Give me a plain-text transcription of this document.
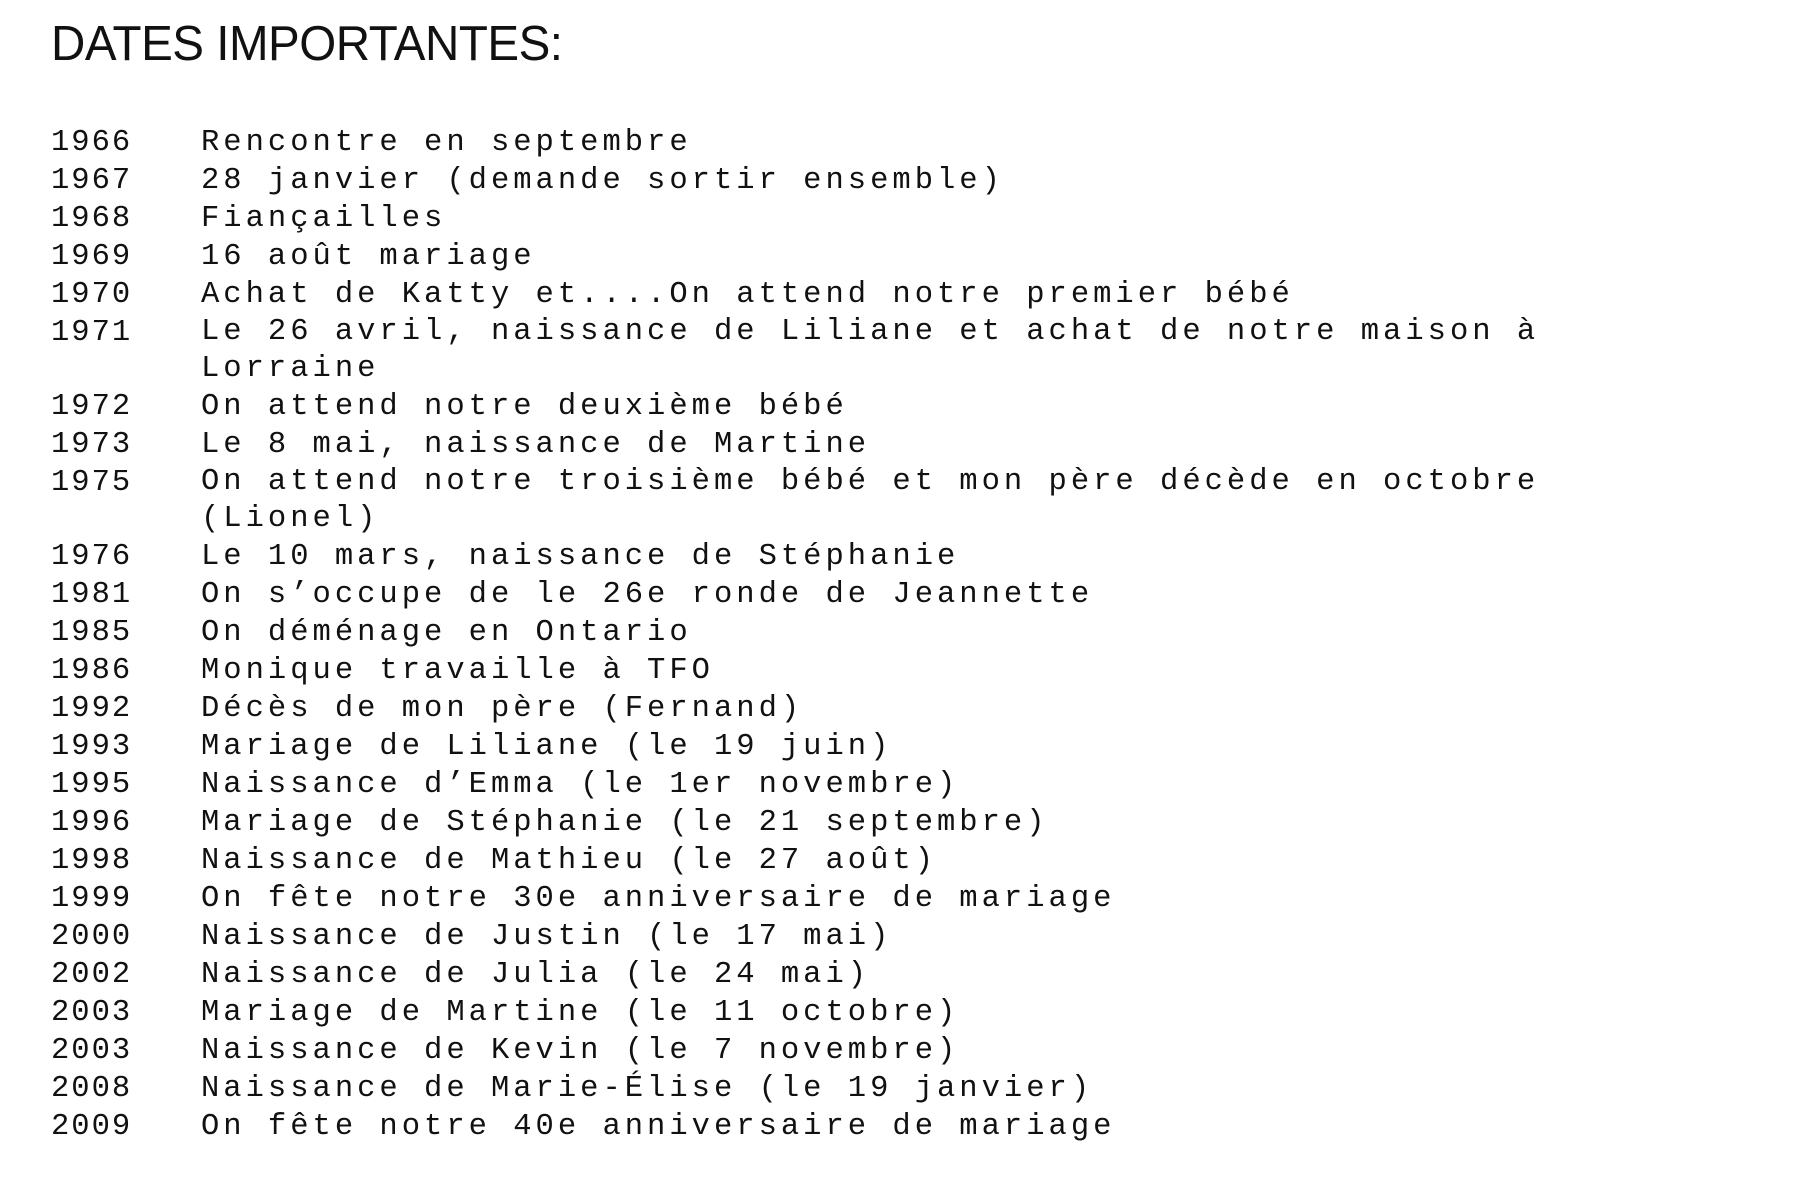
DATES IMPORTANTES:
1966	Rencontre en septembre
1967	28 janvier (demande sortir ensemble)
1968	Fiançailles
1969	16 août mariage
1970	Achat de Katty et....On attend notre premier bébé
1971	Le 26 avril, naissance de Liliane et achat de notre maison à Lorraine
1972	On attend notre deuxième bébé
1973	Le 8 mai, naissance de Martine
1975	On attend notre troisième bébé et mon père décède en octobre (Lionel)
1976	Le 10 mars, naissance de Stéphanie
1981	On s’occupe de le 26e ronde de Jeannette
1985	On déménage en Ontario
1986	Monique travaille à TFO
1992	Décès de mon père (Fernand)
1993	Mariage de Liliane (le 19 juin)
1995	Naissance d’Emma (le 1er novembre)
1996	Mariage de Stéphanie (le 21 septembre)
1998	Naissance de Mathieu (le 27 août)
1999	On fête notre 30e anniversaire de mariage
2000	Naissance de Justin (le 17 mai)
2002	Naissance de Julia (le 24 mai)
2003	Mariage de Martine (le 11 octobre)
2003	Naissance de Kevin (le 7 novembre)
2008	Naissance de Marie-Élise (le 19 janvier)
2009	On fête notre 40e anniversaire de mariage
